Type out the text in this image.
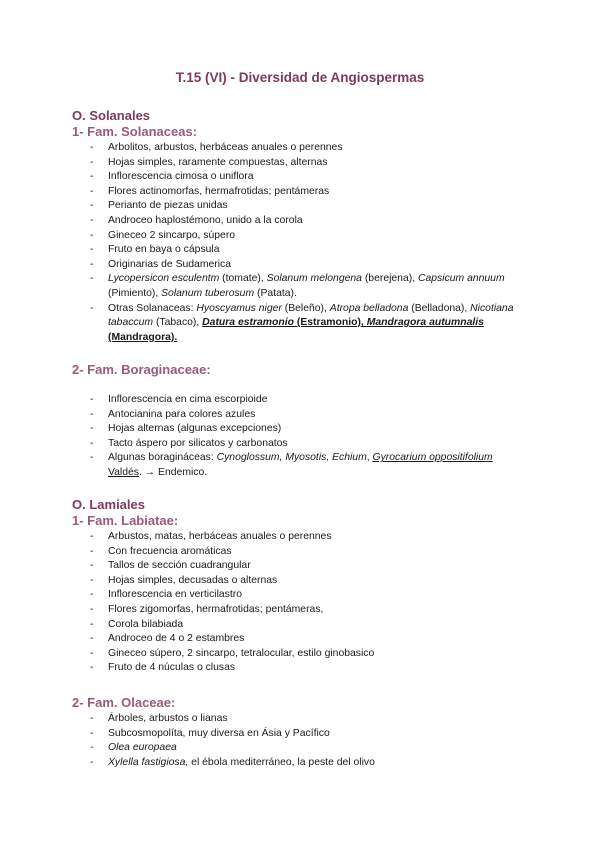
T.15 (VI) - Diversidad de Angiospermas
O. Solanales
1- Fam. Solanaceas:
- Arbolitos, arbustos, herbáceas anuales o perennes
- Hojas simples, raramente compuestas, alternas
- Inflorescencia cimosa o uniflora
- Flores actinomorfas, hermafrotidas; pentámeras
- Perianto de piezas unidas
- Androceo haplostémono, unido a la corola
- Gineceo 2 sincarpo, súpero
- Fruto en baya o cápsula
- Originarias de Sudamerica
- Lycopersicon esculentm (tomate), Solanum melongena (berejena), Capsicum annuum (Pimiento), Solanum tuberosum (Patata).
- Otras Solanaceas: Hyoscyamus niger (Beleño), Atropa belladona (Belladona), Nicotiana tabaccum (Tabaco), Datura estramonio (Estramonio), Mandragora autumnalis (Mandragora).
2- Fam. Boraginaceae:
- Inflorescencia en cima escorpioide
- Antocianina para colores azules
- Hojas alternas (algunas excepciones)
- Tacto áspero por silicatos y carbonatos
- Algunas boragináceas: Cynoglossum, Myosotis, Echium, Gyrocarium oppositifolium Valdés. → Endemico.
O. Lamiales
1- Fam. Labiatae:
- Arbustos, matas, herbáceas anuales o perennes
- Con frecuencia aromáticas
- Tallos de sección cuadrangular
- Hojas simples, decusadas o alternas
- Inflorescencia en verticilastro
- Flores zigomorfas, hermafrotidas; pentámeras,
- Corola bilabiada
- Androceo de 4 o 2 estambres
- Gineceo súpero, 2 sincarpo, tetralocular, estilo ginobasico
- Fruto de 4 núculas o clusas
2- Fam. Olaceae:
- Árboles, arbustos o lianas
- Subcosmopolíta, muy diversa en Ásia y Pacífico
- Olea europaea
- Xylella fastigiosa, el ébola mediterráneo, la peste del olivo
